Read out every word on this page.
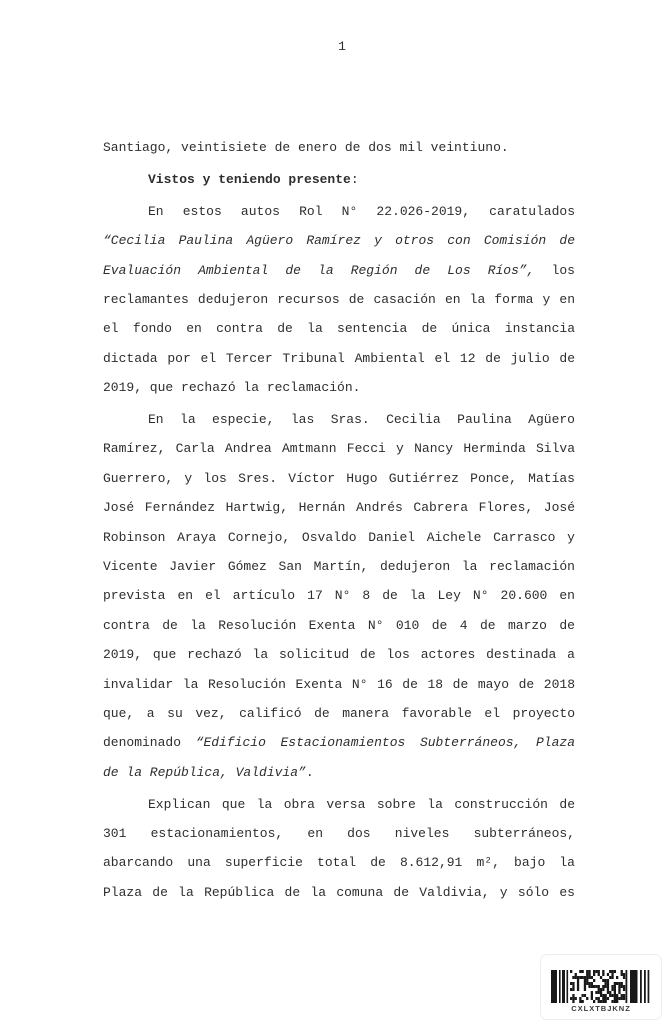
1
Santiago, veintisiete de enero de dos mil veintiuno.
Vistos y teniendo presente:
En estos autos Rol N° 22.026-2019, caratulados
“Cecilia Paulina Agüero Ramírez y otros con Comisión de
Evaluación Ambiental de la Región de Los Ríos”, los
reclamantes dedujeron recursos de casación en la forma y en
el fondo en contra de la sentencia de única instancia
dictada por el Tercer Tribunal Ambiental el 12 de julio de
2019, que rechazó la reclamación.
En la especie, las Sras. Cecilia Paulina Agüero
Ramírez, Carla Andrea Amtmann Fecci y Nancy Herminda Silva
Guerrero, y los Sres. Víctor Hugo Gutiérrez Ponce, Matías
José Fernández Hartwig, Hernán Andrés Cabrera Flores, José
Robinson Araya Cornejo, Osvaldo Daniel Aichele Carrasco y
Vicente Javier Gómez San Martín, dedujeron la reclamación
prevista en el artículo 17 N° 8 de la Ley N° 20.600 en
contra de la Resolución Exenta N° 010 de 4 de marzo de
2019, que rechazó la solicitud de los actores destinada a
invalidar la Resolución Exenta N° 16 de 18 de mayo de 2018
que, a su vez, calificó de manera favorable el proyecto
denominado “Edificio Estacionamientos Subterráneos, Plaza
de la República, Valdivia”.
Explican que la obra versa sobre la construcción de
301 estacionamientos, en dos niveles subterráneos,
abarcando una superficie total de 8.612,91 m², bajo la
Plaza de la República de la comuna de Valdivia, y sólo es
CXLXTBJKNZ
